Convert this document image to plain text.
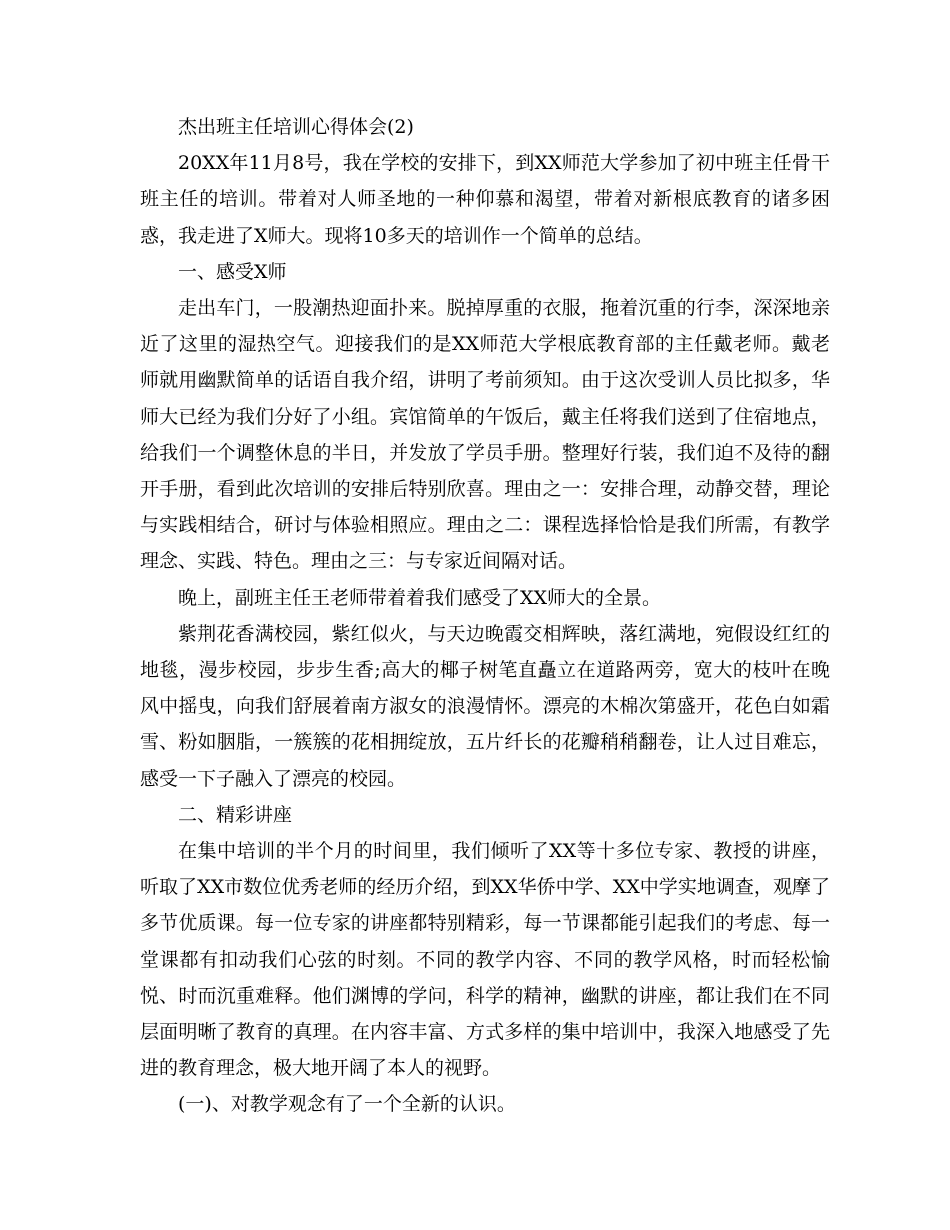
杰出班主任培训心得体会(2)

20XX年11月8号，我在学校的安排下，到XX师范大学参加了初中班主任骨干班主任的培训。带着对人师圣地的一种仰慕和渴望，带着对新根底教育的诸多困惑，我走进了X师大。现将10多天的培训作一个简单的总结。

一、感受X师

走出车门，一股潮热迎面扑来。脱掉厚重的衣服，拖着沉重的行李，深深地亲近了这里的湿热空气。迎接我们的是XX师范大学根底教育部的主任戴老师。戴老师就用幽默简单的话语自我介绍，讲明了考前须知。由于这次受训人员比拟多，华师大已经为我们分好了小组。宾馆简单的午饭后，戴主任将我们送到了住宿地点，给我们一个调整休息的半日，并发放了学员手册。整理好行装，我们迫不及待的翻开手册，看到此次培训的安排后特别欣喜。理由之一：安排合理，动静交替，理论与实践相结合，研讨与体验相照应。理由之二：课程选择恰恰是我们所需，有教学理念、实践、特色。理由之三：与专家近间隔对话。

晚上，副班主任王老师带着着我们感受了XX师大的全景。

紫荆花香满校园，紫红似火，与天边晚霞交相辉映，落红满地，宛假设红红的地毯，漫步校园，步步生香;高大的椰子树笔直矗立在道路两旁，宽大的枝叶在晚风中摇曳，向我们舒展着南方淑女的浪漫情怀。漂亮的木棉次第盛开，花色白如霜雪、粉如胭脂，一簇簇的花相拥绽放，五片纤长的花瓣稍稍翻卷，让人过目难忘，感受一下子融入了漂亮的校园。

二、精彩讲座

在集中培训的半个月的时间里，我们倾听了XX等十多位专家、教授的讲座，听取了XX市数位优秀老师的经历介绍，到XX华侨中学、XX中学实地调查，观摩了多节优质课。每一位专家的讲座都特别精彩，每一节课都能引起我们的考虑、每一堂课都有扣动我们心弦的时刻。不同的教学内容、不同的教学风格，时而轻松愉悦、时而沉重难释。他们渊博的学问，科学的精神，幽默的讲座，都让我们在不同层面明晰了教育的真理。在内容丰富、方式多样的集中培训中，我深入地感受了先进的教育理念，极大地开阔了本人的视野。

(一)、对教学观念有了一个全新的认识。
